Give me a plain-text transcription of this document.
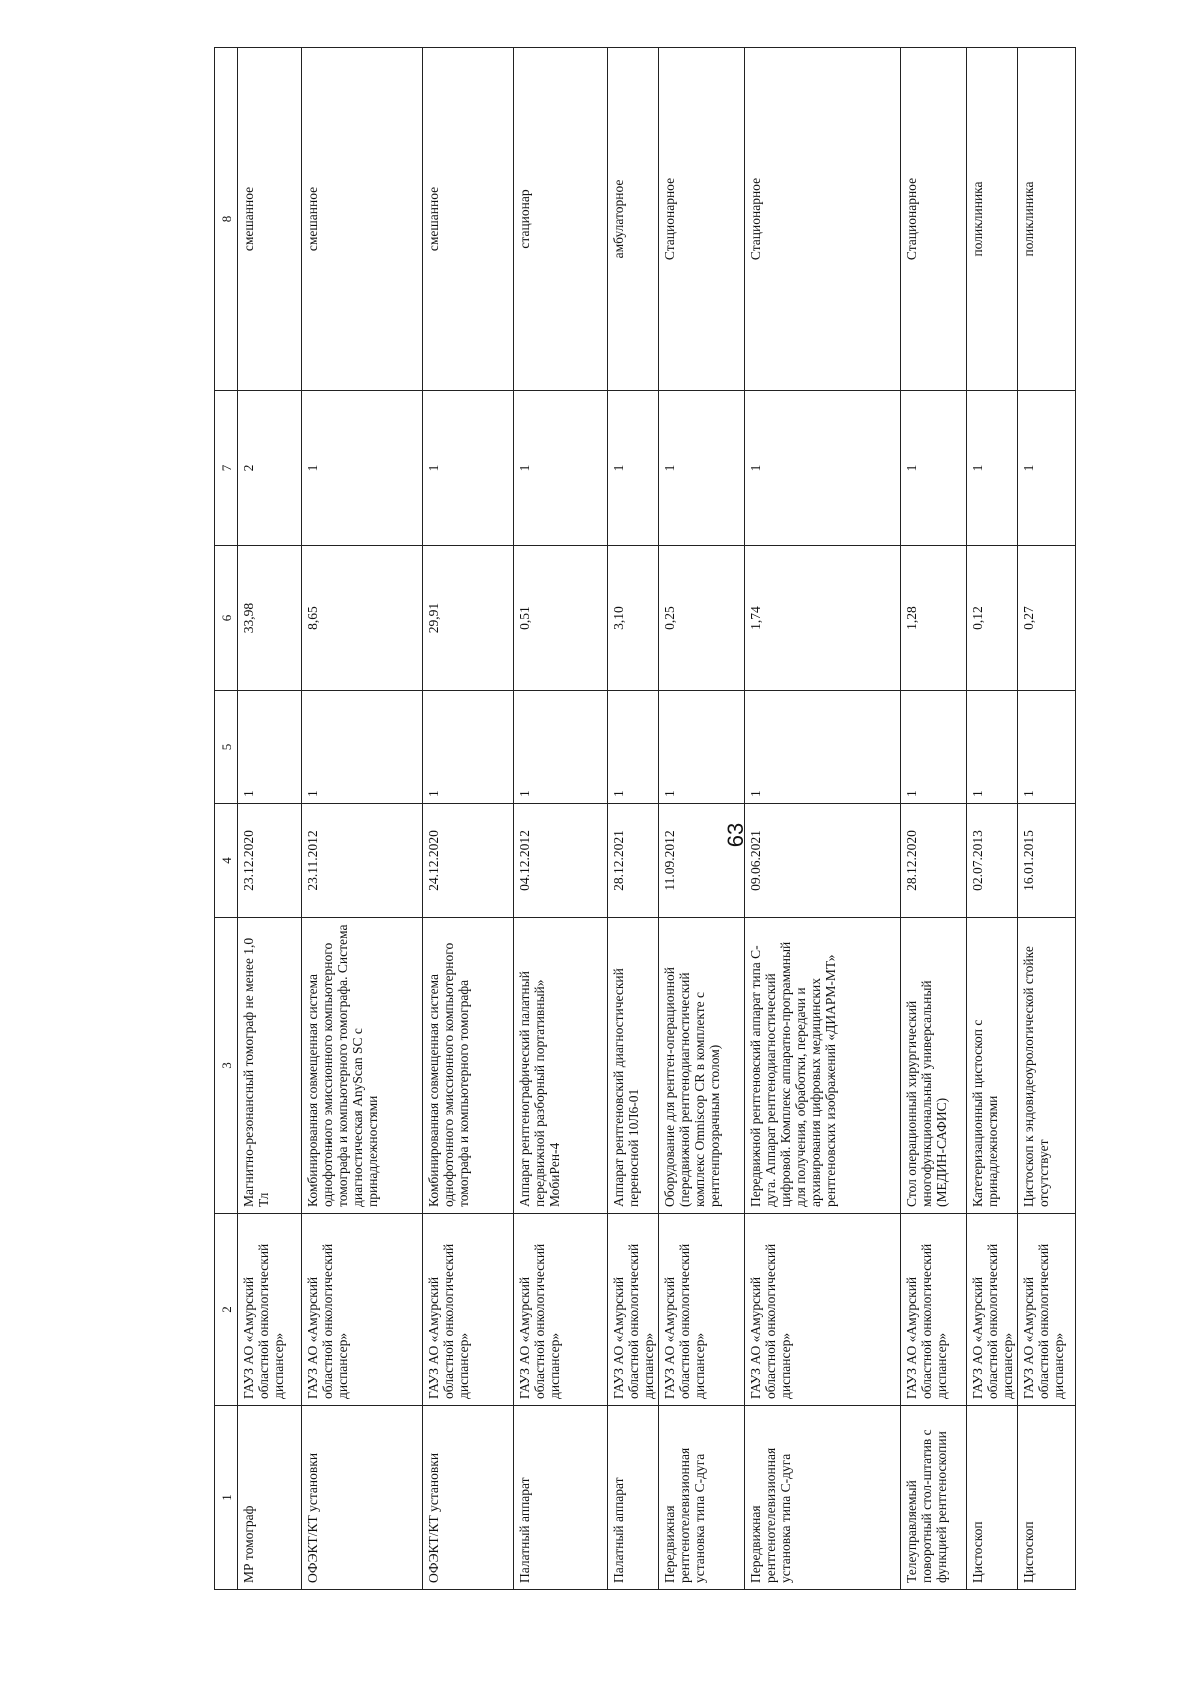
63
1	2	3	4	5	6	7	8
МР томограф	ГАУЗ АО «Амурский областной онкологический диспансер»	Магнитно-резонансный томограф не менее 1,0 Тл	23.12.2020	1	33,98	2	смешанное
ОФЭКТ/КТ установки	ГАУЗ АО «Амурский областной онкологический диспансер»	Комбинированная совмещенная система однофотонного эмиссионного компьютерного томографа и компьютерного томографа. Система диагностическая AnyScan SC с принадлежностями	23.11.2012	1	8,65	1	смешанное
ОФЭКТ/КТ установки	ГАУЗ АО «Амурский областной онкологический диспансер»	Комбинированная совмещенная система однофотонного эмиссионного компьютерного томографа и компьютерного томографа	24.12.2020	1	29,91	1	смешанное
Палатный аппарат	ГАУЗ АО «Амурский областной онкологический диспансер»	Аппарат рентгенографический палатный передвижной разборный портативный» МобиРен-4	04.12.2012	1	0,51	1	стационар
Палатный аппарат	ГАУЗ АО «Амурский областной онкологический диспансер»	Аппарат рентгеновский диагностический переносной 10Л6-01	28.12.2021	1	3,10	1	амбулаторное
Передвижная рентгенотелевизионная установка типа С-дуга	ГАУЗ АО «Амурский областной онкологический диспансер»	Оборудование для рентген-операционной (передвижной рентгенодиагностический комплекс Omniscop CR в комплекте с рентгенпрозрачным столом)	11.09.2012	1	0,25	1	Стационарное
Передвижная рентгенотелевизионная установка типа С-дуга	ГАУЗ АО «Амурский областной онкологический диспансер»	Передвижной рентгеновский аппарат типа С-дуга. Аппарат рентгенодиагностический цифровой. Комплекс аппаратно-программный для получения, обработки, передачи и архивирования цифровых медицинских рентгеновских изображений «ДИАРМ-МТ»	09.06.2021	1	1,74	1	Стационарное
Телеуправляемый поворотный стол-штатив с функцией рентгеноскопии	ГАУЗ АО «Амурский областной онкологический диспансер»	Стол операционный хирургический многофункциональный универсальный (МЕДИН-САФИС)	28.12.2020	1	1,28	1	Стационарное
Цистоскоп	ГАУЗ АО «Амурский областной онкологический диспансер»	Катетеризационный цистоскоп с принадлежностями	02.07.2013	1	0,12	1	поликлиника
Цистоскоп	ГАУЗ АО «Амурский областной онкологический диспансер»	Цистоскоп к эндовидеоурологической стойке отсутствует	16.01.2015	1	0,27	1	поликлиника
